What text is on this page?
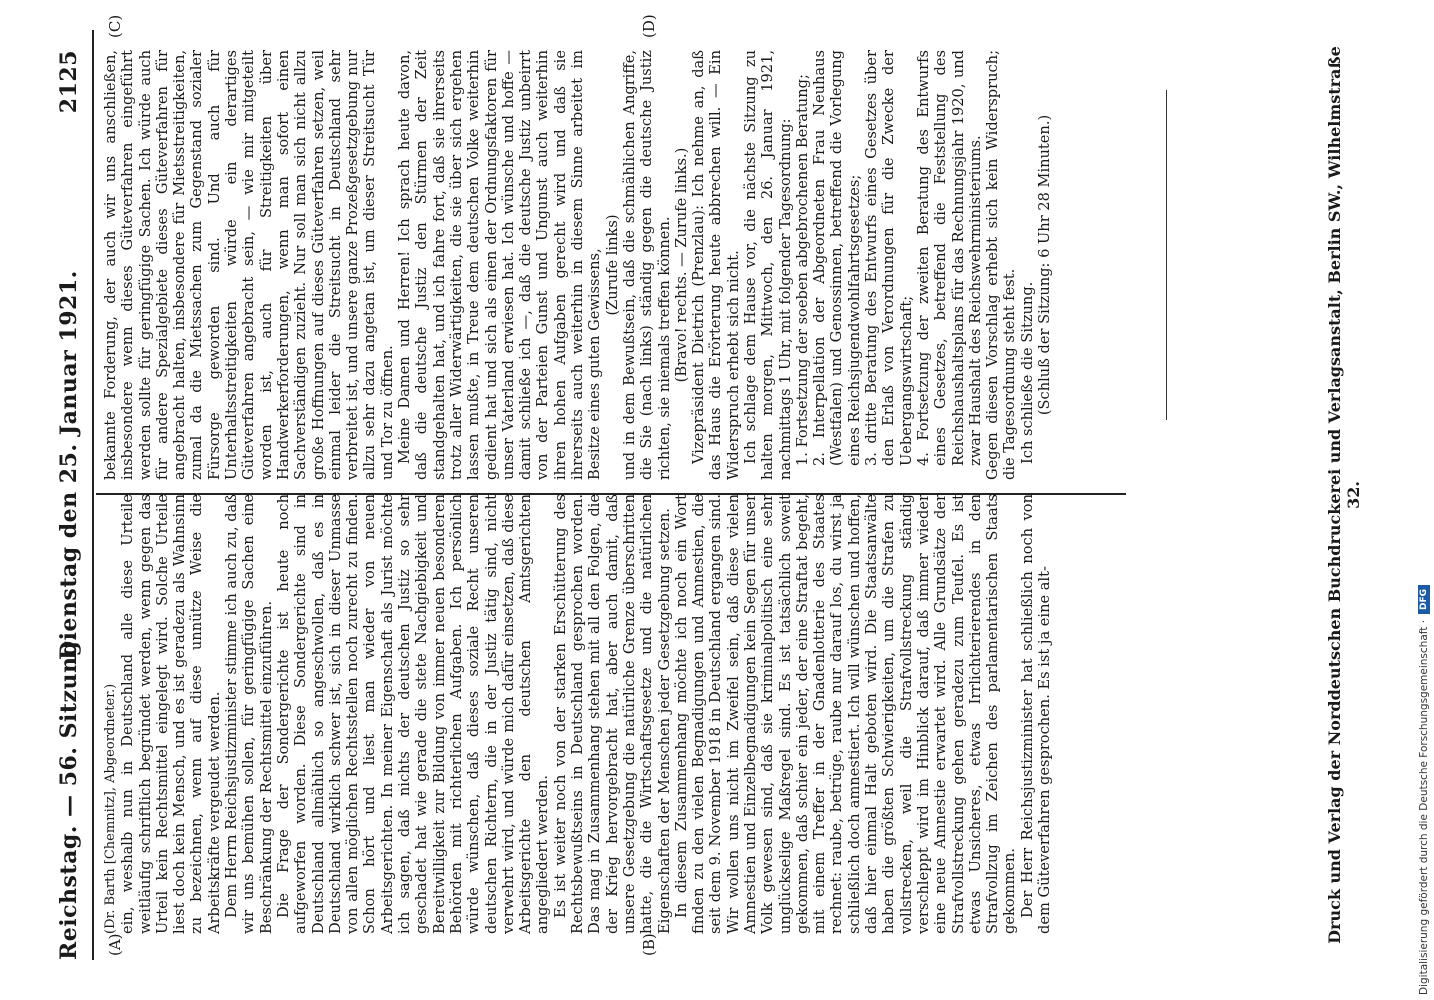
Reichstag. — 56. Sitzung.
Dienstag den 25. Januar 1921.
2125
(A)	(B)
(C)	(D)

(Dr. Barth [Chemnitz], Abgeordneter.) ein, weshalb nun in Deutschland alle diese Urteile weitläufig schriftlich begründet werden, wenn gegen das Urteil kein Rechtsmittel eingelegt wird. Solche Urteile liest doch kein Mensch, und es ist geradezu als Wahnsinn zu bezeichnen, wenn auf diese unnütze Weise die Arbeitskräfte vergeudet werden. Dem Herrn Reichsjustizminister stimme ich auch zu, daß wir uns bemühen sollen, für geringfügige Sachen eine Beschränkung der Rechtsmittel einzuführen. Die Frage der Sondergerichte ist heute noch aufgeworfen worden. Diese Sondergerichte sind in Deutschland allmählich so angeschwollen, daß es in Deutschland wirklich schwer ist, sich in dieser Unmasse von allen möglichen Rechtsstellen noch zurecht zu finden. Schon hört und liest man wieder von neuen Arbeitsgerichten. In meiner Eigenschaft als Jurist möchte ich sagen, daß nichts der deutschen Justiz so sehr geschadet hat wie gerade die stete Nachgiebigkeit und Bereitwilligkeit zur Bildung von immer neuen besonderen Behörden mit richterlichen Aufgaben. Ich persönlich würde wünschen, daß dieses soziale Recht unseren deutschen Richtern, die in der Justiz tätig sind, nicht verwehrt wird, und würde mich dafür einsetzen, daß diese Arbeitsgerichte den deutschen Amtsgerichten angegliedert werden. Es ist weiter noch von der starken Erschütterung des Rechtsbewußtseins in Deutschland gesprochen worden. Das mag in Zusammenhang stehen mit all den Folgen, die der Krieg hervorgebracht hat, aber auch damit, daß unsere Gesetzgebung die natürliche Grenze überschritten hatte, die die Wirtschaftsgesetze und die natürlichen Eigenschaften der Menschen jeder Gesetzgebung setzen. In diesem Zusammenhang möchte ich noch ein Wort finden zu den vielen Begnadigungen und Amnestien, die seit dem 9. November 1918 in Deutschland ergangen sind. Wir wollen uns nicht im Zweifel sein, daß diese vielen Amnestien und Einzelbegnadigungen kein Segen für unser Volk gewesen sind, daß sie kriminalpolitisch eine sehr unglückselige Maßregel sind. Es ist tatsächlich soweit gekommen, daß schier ein jeder, der eine Straftat begeht, mit einem Treffer in der Gnadenlotterie des Staates rechnet: raube, betrüge, raube nur darauf los, du wirst ja schließlich doch amnestiert. Ich will wünschen und hoffen, daß hier einmal Halt geboten wird. Die Staatsanwälte haben die größten Schwierigkeiten, um die Strafen zu vollstrecken, weil die Strafvollstreckung ständig verschleppt wird im Hinblick darauf, daß immer wieder eine neue Amnestie erwartet wird. Alle Grundsätze der Strafvollstreckung gehen geradezu zum Teufel. Es ist etwas Unsicheres, etwas Irrlichterierendes in den Strafvollzug im Zeichen des parlamentarischen Staats gekommen. Der Herr Reichsjustizminister hat schließlich noch von dem Güteverfahren gesprochen. Es ist ja eine alt-

bekannte Forderung, der auch wir uns anschließen, insbesondere wenn dieses Güteverfahren eingeführt werden sollte für geringfügige Sachen. Ich würde auch für andere Spezialgebiete dieses Güteverfahren für angebracht halten, insbesondere für Mietsstreitigkeiten, zumal da die Mietssachen zum Gegenstand sozialer Fürsorge geworden sind. Und auch für Unterhaltsstreitigkeiten würde ein derartiges Güteverfahren angebracht sein, — wie mir mitgeteilt worden ist, auch für Streitigkeiten über Handwerkerforderungen, wenn man sofort einen Sachverständigen zuzieht. Nur soll man sich nicht allzu große Hoffnungen auf dieses Güteverfahren setzen, weil einmal leider die Streitsucht in Deutschland sehr verbreitet ist, und unsere ganze Prozeßgesetzgebung nur allzu sehr dazu angetan ist, um dieser Streitsucht Tür und Tor zu öffnen. Meine Damen und Herren! Ich sprach heute davon, daß die deutsche Justiz den Stürmen der Zeit standgehalten hat, und ich fahre fort, daß sie ihrerseits trotz aller Widerwärtigkeiten, die sie über sich ergehen lassen mußte, in Treue dem deutschen Volke weiterhin gedient hat und sich als einen der Ordnungsfaktoren für unser Vaterland erwiesen hat. Ich wünsche und hoffe — damit schließe ich —, daß die deutsche Justiz unbeirrt von der Parteien Gunst und Ungunst auch weiterhin ihren hohen Aufgaben gerecht wird und daß sie ihrerseits auch weiterhin in diesem Sinne arbeitet im Besitze eines guten Gewissens, (Zurufe links) und in dem Bewußtsein, daß die schmählichen Angriffe, die Sie (nach links) ständig gegen die deutsche Justiz richten, sie niemals treffen können. (Bravo! rechts. — Zurufe links.) Vizepräsident Dietrich (Prenzlau): Ich nehme an, daß das Haus die Erörterung heute abbrechen will. — Ein Widerspruch erhebt sich nicht. Ich schlage dem Hause vor, die nächste Sitzung zu halten morgen, Mittwoch, den 26. Januar 1921, nachmittags 1 Uhr, mit folgender Tagesordnung: 1. Fortsetzung der soeben abgebrochenen Beratung; 2. Interpellation der Abgeordneten Frau Neuhaus (Westfalen) und Genossinnen, betreffend die Vorlegung eines Reichsjugendwohlfahrtsgesetzes; 3. dritte Beratung des Entwurfs eines Gesetzes über den Erlaß von Verordnungen für die Zwecke der Uebergangswirtschaft; 4. Fortsetzung der zweiten Beratung des Entwurfs eines Gesetzes, betreffend die Feststellung des Reichshaushaltsplans für das Rechnungsjahr 1920, und zwar Haushalt des Reichswehrministeriums. Gegen diesen Vorschlag erhebt sich kein Widerspruch; die Tagesordnung steht fest. Ich schließe die Sitzung. (Schluß der Sitzung: 6 Uhr 28 Minuten.)	Druck und Verlag der Norddeutschen Buchdruckerei und Verlagsanstalt, Berlin SW., Wilhelmstraße 32.
Digitalisierung gefördert durch die Deutsche Forschungsgemeinschaft ·
DFG
